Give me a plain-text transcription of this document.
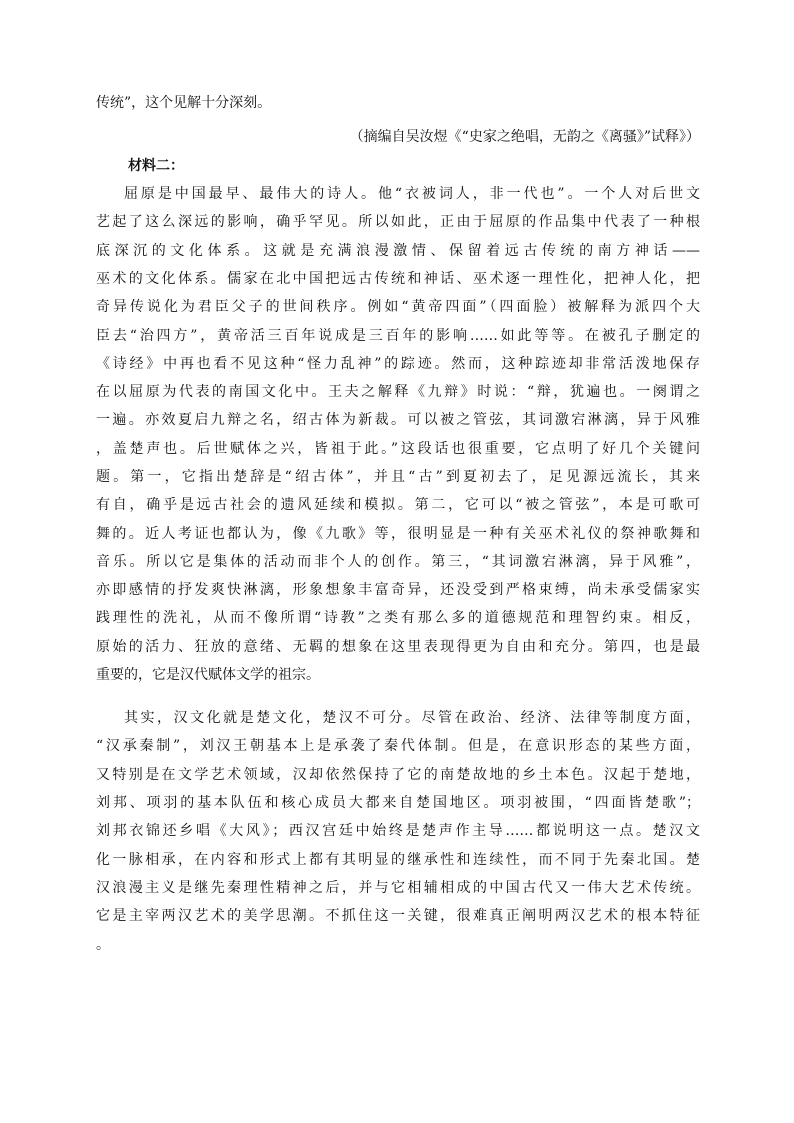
传统”，这个见解十分深刻。
（摘编自吴汝煜《“史家之绝唱，无韵之《离骚》”试释》）
材料二：
屈原是中国最早、最伟大的诗人。他“衣被词人，非一代也”。一个人对后世文
艺起了这么深远的影响，确乎罕见。所以如此，正由于屈原的作品集中代表了一种根
底深沉的文化体系。这就是充满浪漫激情、保留着远古传统的南方神话——
巫术的文化体系。儒家在北中国把远古传统和神话、巫术逐一理性化，把神人化，把
奇异传说化为君臣父子的世间秩序。例如“黄帝四面”（四面脸）被解释为派四个大
臣去“治四方”，黄帝活三百年说成是三百年的影响……如此等等。在被孔子删定的
《诗经》中再也看不见这种“怪力乱神”的踪迹。然而，这种踪迹却非常活泼地保存
在以屈原为代表的南国文化中。王夫之解释《九辩》时说：“辩，犹遍也。一阕谓之
一遍。亦效夏启九辩之名，绍古体为新裁。可以被之管弦，其词激宕淋漓，异于风雅
，盖楚声也。后世赋体之兴，皆祖于此。”这段话也很重要，它点明了好几个关键问
题。第一，它指出楚辞是“绍古体”，并且“古”到夏初去了，足见源远流长，其来
有自，确乎是远古社会的遗风延续和模拟。第二，它可以“被之管弦”，本是可歌可
舞的。近人考证也都认为，像《九歌》等，很明显是一种有关巫术礼仪的祭神歌舞和
音乐。所以它是集体的活动而非个人的创作。第三，“其词激宕淋漓，异于风雅”，
亦即感情的抒发爽快淋漓，形象想象丰富奇异，还没受到严格束缚，尚未承受儒家实
践理性的洗礼，从而不像所谓“诗教”之类有那么多的道德规范和理智约束。相反，
原始的活力、狂放的意绪、无羁的想象在这里表现得更为自由和充分。第四，也是最
重要的，它是汉代赋体文学的祖宗。
其实，汉文化就是楚文化，楚汉不可分。尽管在政治、经济、法律等制度方面，
“汉承秦制”，刘汉王朝基本上是承袭了秦代体制。但是，在意识形态的某些方面，
又特别是在文学艺术领域，汉却依然保持了它的南楚故地的乡土本色。汉起于楚地，
刘邦、项羽的基本队伍和核心成员大都来自楚国地区。项羽被围，“四面皆楚歌”；
刘邦衣锦还乡唱《大风》；西汉宫廷中始终是楚声作主导……都说明这一点。楚汉文
化一脉相承，在内容和形式上都有其明显的继承性和连续性，而不同于先秦北国。楚
汉浪漫主义是继先秦理性精神之后，并与它相辅相成的中国古代又一伟大艺术传统。
它是主宰两汉艺术的美学思潮。不抓住这一关键，很难真正阐明两汉艺术的根本特征
。
